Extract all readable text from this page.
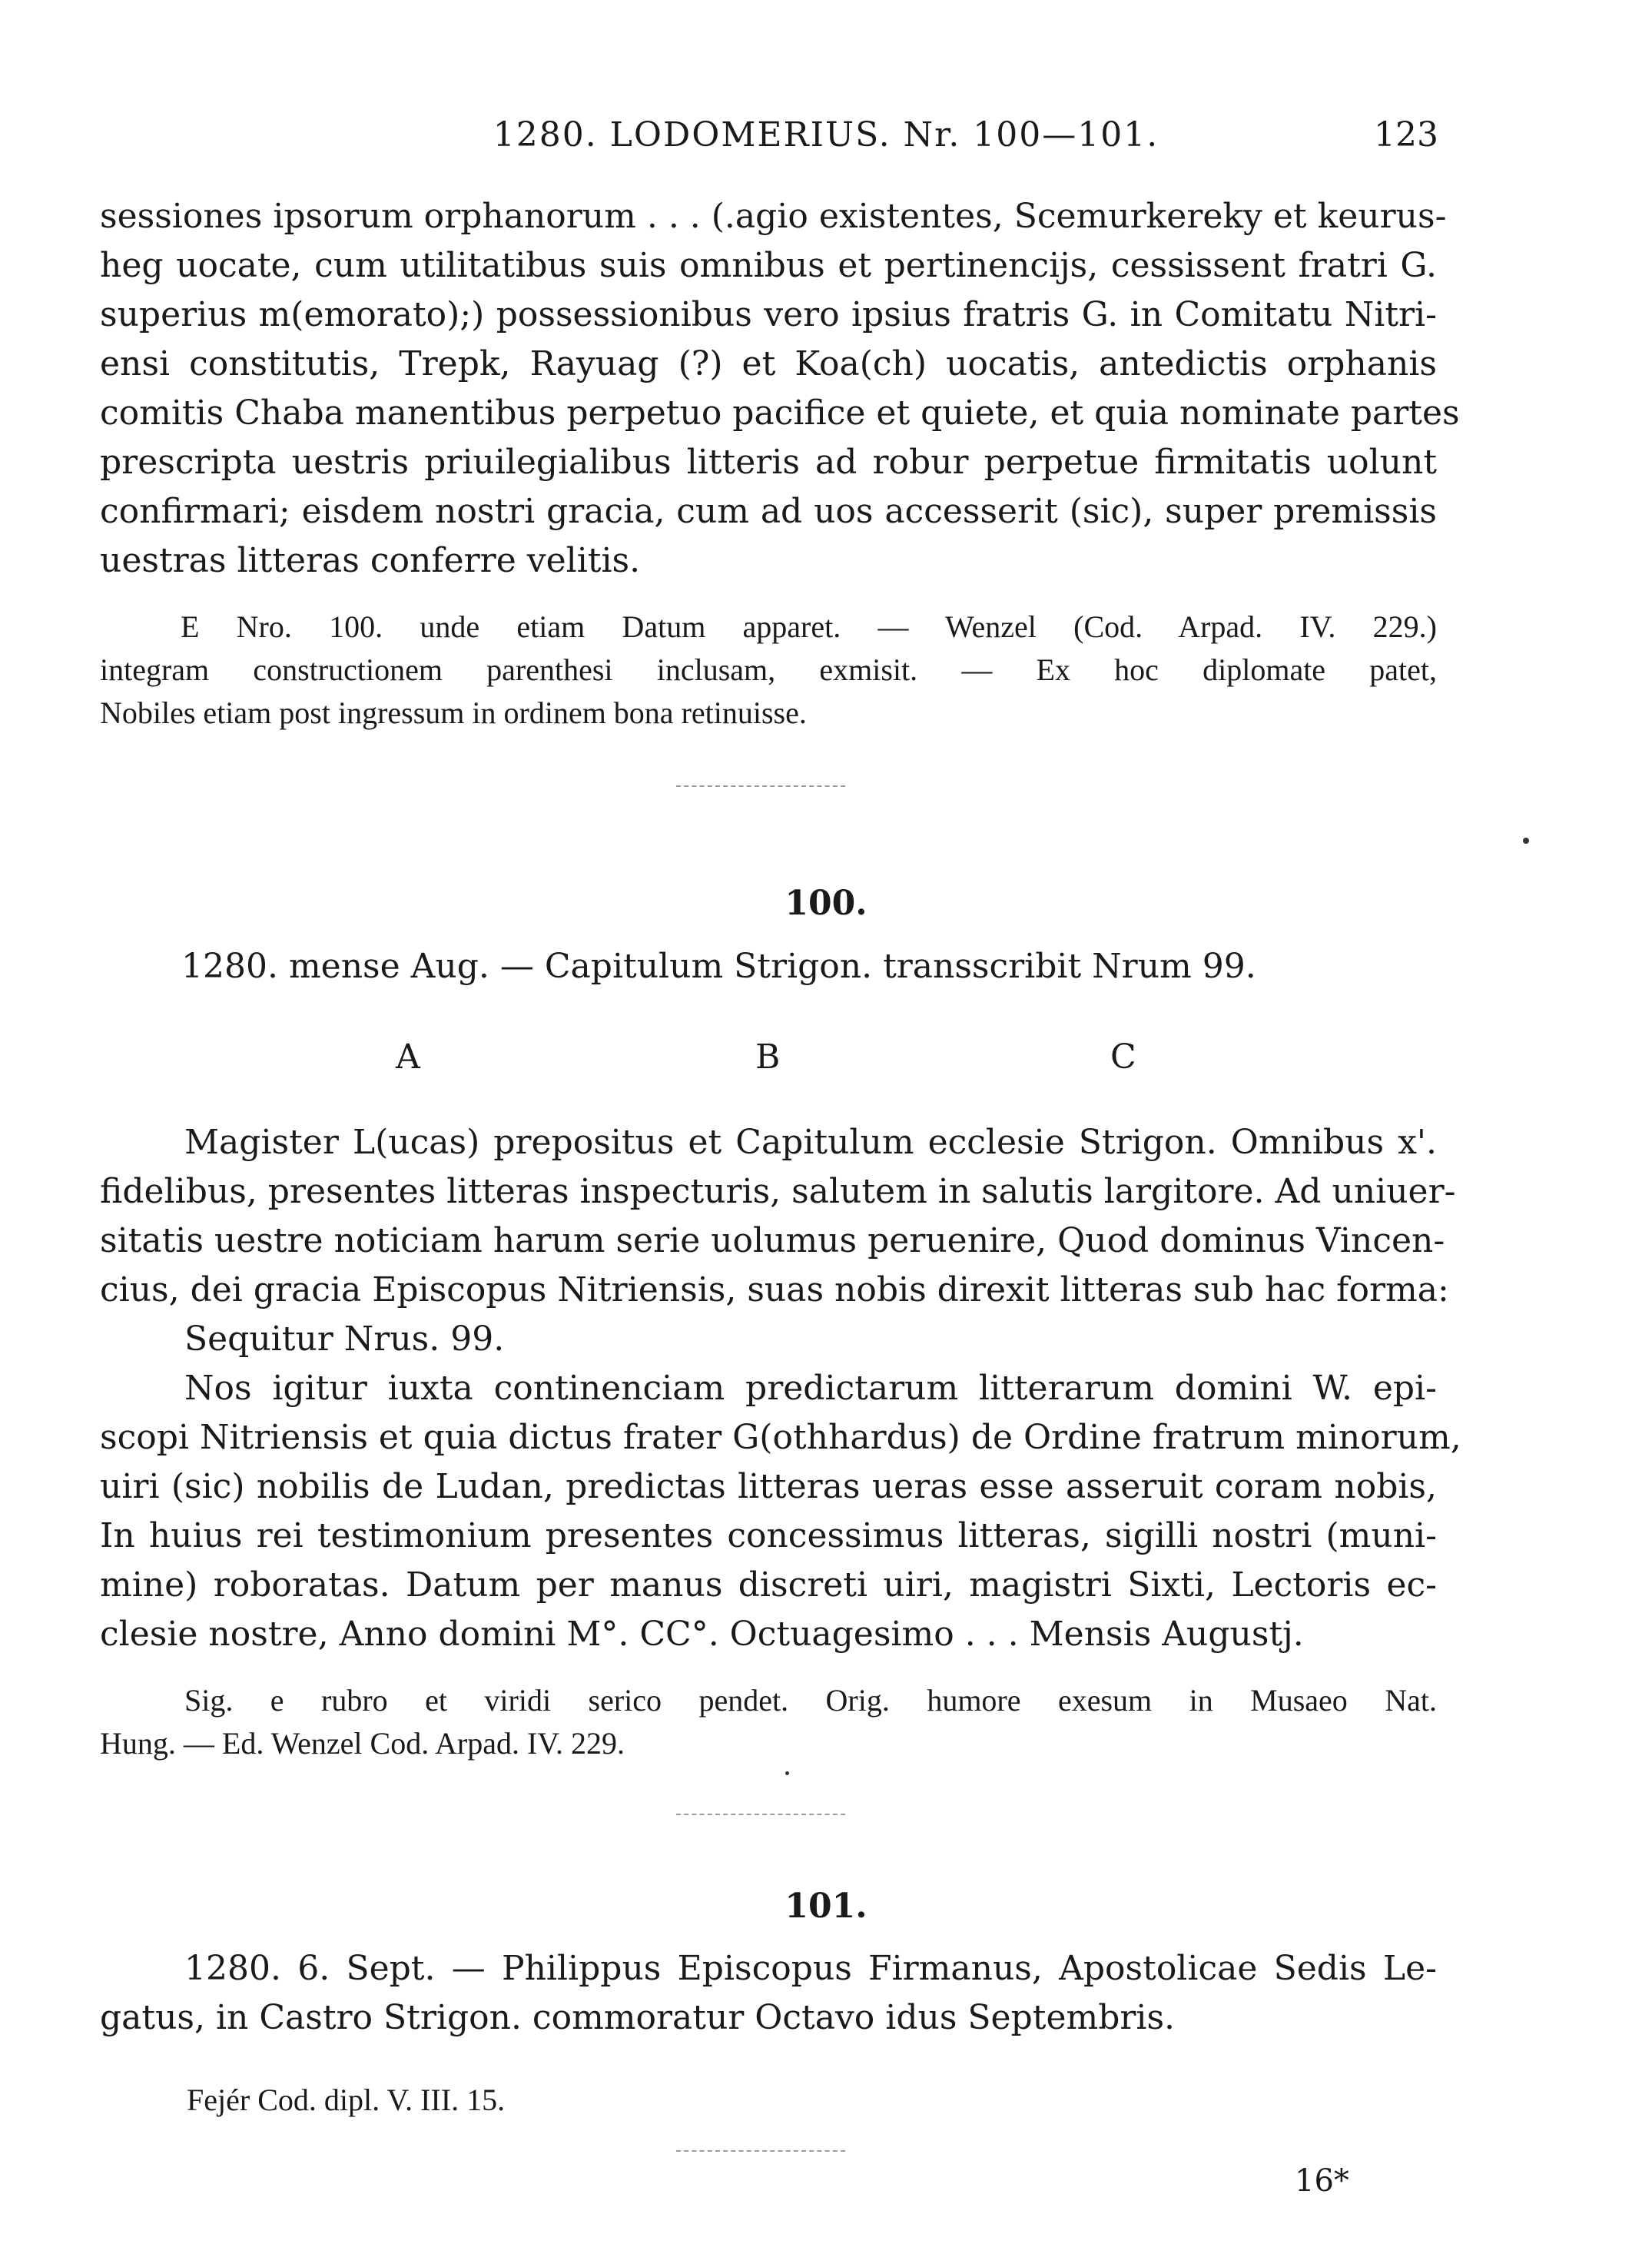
1280. LODOMERIUS. Nr. 100—101.	123
sessiones ipsorum orphanorum . . . (.agio existentes, Scemurkereky et keurus-
heg uocate, cum utilitatibus suis omnibus et pertinencijs, cessissent fratri G.
superius m(emorato);) possessionibus vero ipsius fratris G. in Comitatu Nitri-
ensi constitutis, Trepk, Rayuag (?) et Koa(ch) uocatis, antedictis orphanis
comitis Chaba manentibus perpetuo pacifice et quiete, et quia nominate partes
prescripta uestris priuilegialibus litteris ad robur perpetue firmitatis uolunt
confirmari; eisdem nostri gracia, cum ad uos accesserit (sic), super premissis
uestras litteras conferre velitis.
E Nro. 100. unde etiam Datum apparet. — Wenzel (Cod. Arpad. IV. 229.)
integram constructionem parenthesi inclusam, exmisit. — Ex hoc diplomate patet,
Nobiles etiam post ingressum in ordinem bona retinuisse.
100.
1280. mense Aug. — Capitulum Strigon. transscribit Nrum 99.
A	B	C
Magister L(ucas) prepositus et Capitulum ecclesie Strigon. Omnibus x'.
fidelibus, presentes litteras inspecturis, salutem in salutis largitore. Ad uniuer-
sitatis uestre noticiam harum serie uolumus peruenire, Quod dominus Vincen-
cius, dei gracia Episcopus Nitriensis, suas nobis direxit litteras sub hac forma:
Sequitur Nrus. 99.
Nos igitur iuxta continenciam predictarum litterarum domini W. epi-
scopi Nitriensis et quia dictus frater G(othhardus) de Ordine fratrum minorum,
uiri (sic) nobilis de Ludan, predictas litteras ueras esse asseruit coram nobis,
In huius rei testimonium presentes concessimus litteras, sigilli nostri (muni-
mine) roboratas. Datum per manus discreti uiri, magistri Sixti, Lectoris ec-
clesie nostre, Anno domini M°. CC°. Octuagesimo . . . Mensis Augustj.
Sig. e rubro et viridi serico pendet. Orig. humore exesum in Musaeo Nat.
Hung. — Ed. Wenzel Cod. Arpad. IV. 229.
101.
1280. 6. Sept. — Philippus Episcopus Firmanus, Apostolicae Sedis Le-
gatus, in Castro Strigon. commoratur Octavo idus Septembris.
Fejér Cod. dipl. V. III. 15.
16*
